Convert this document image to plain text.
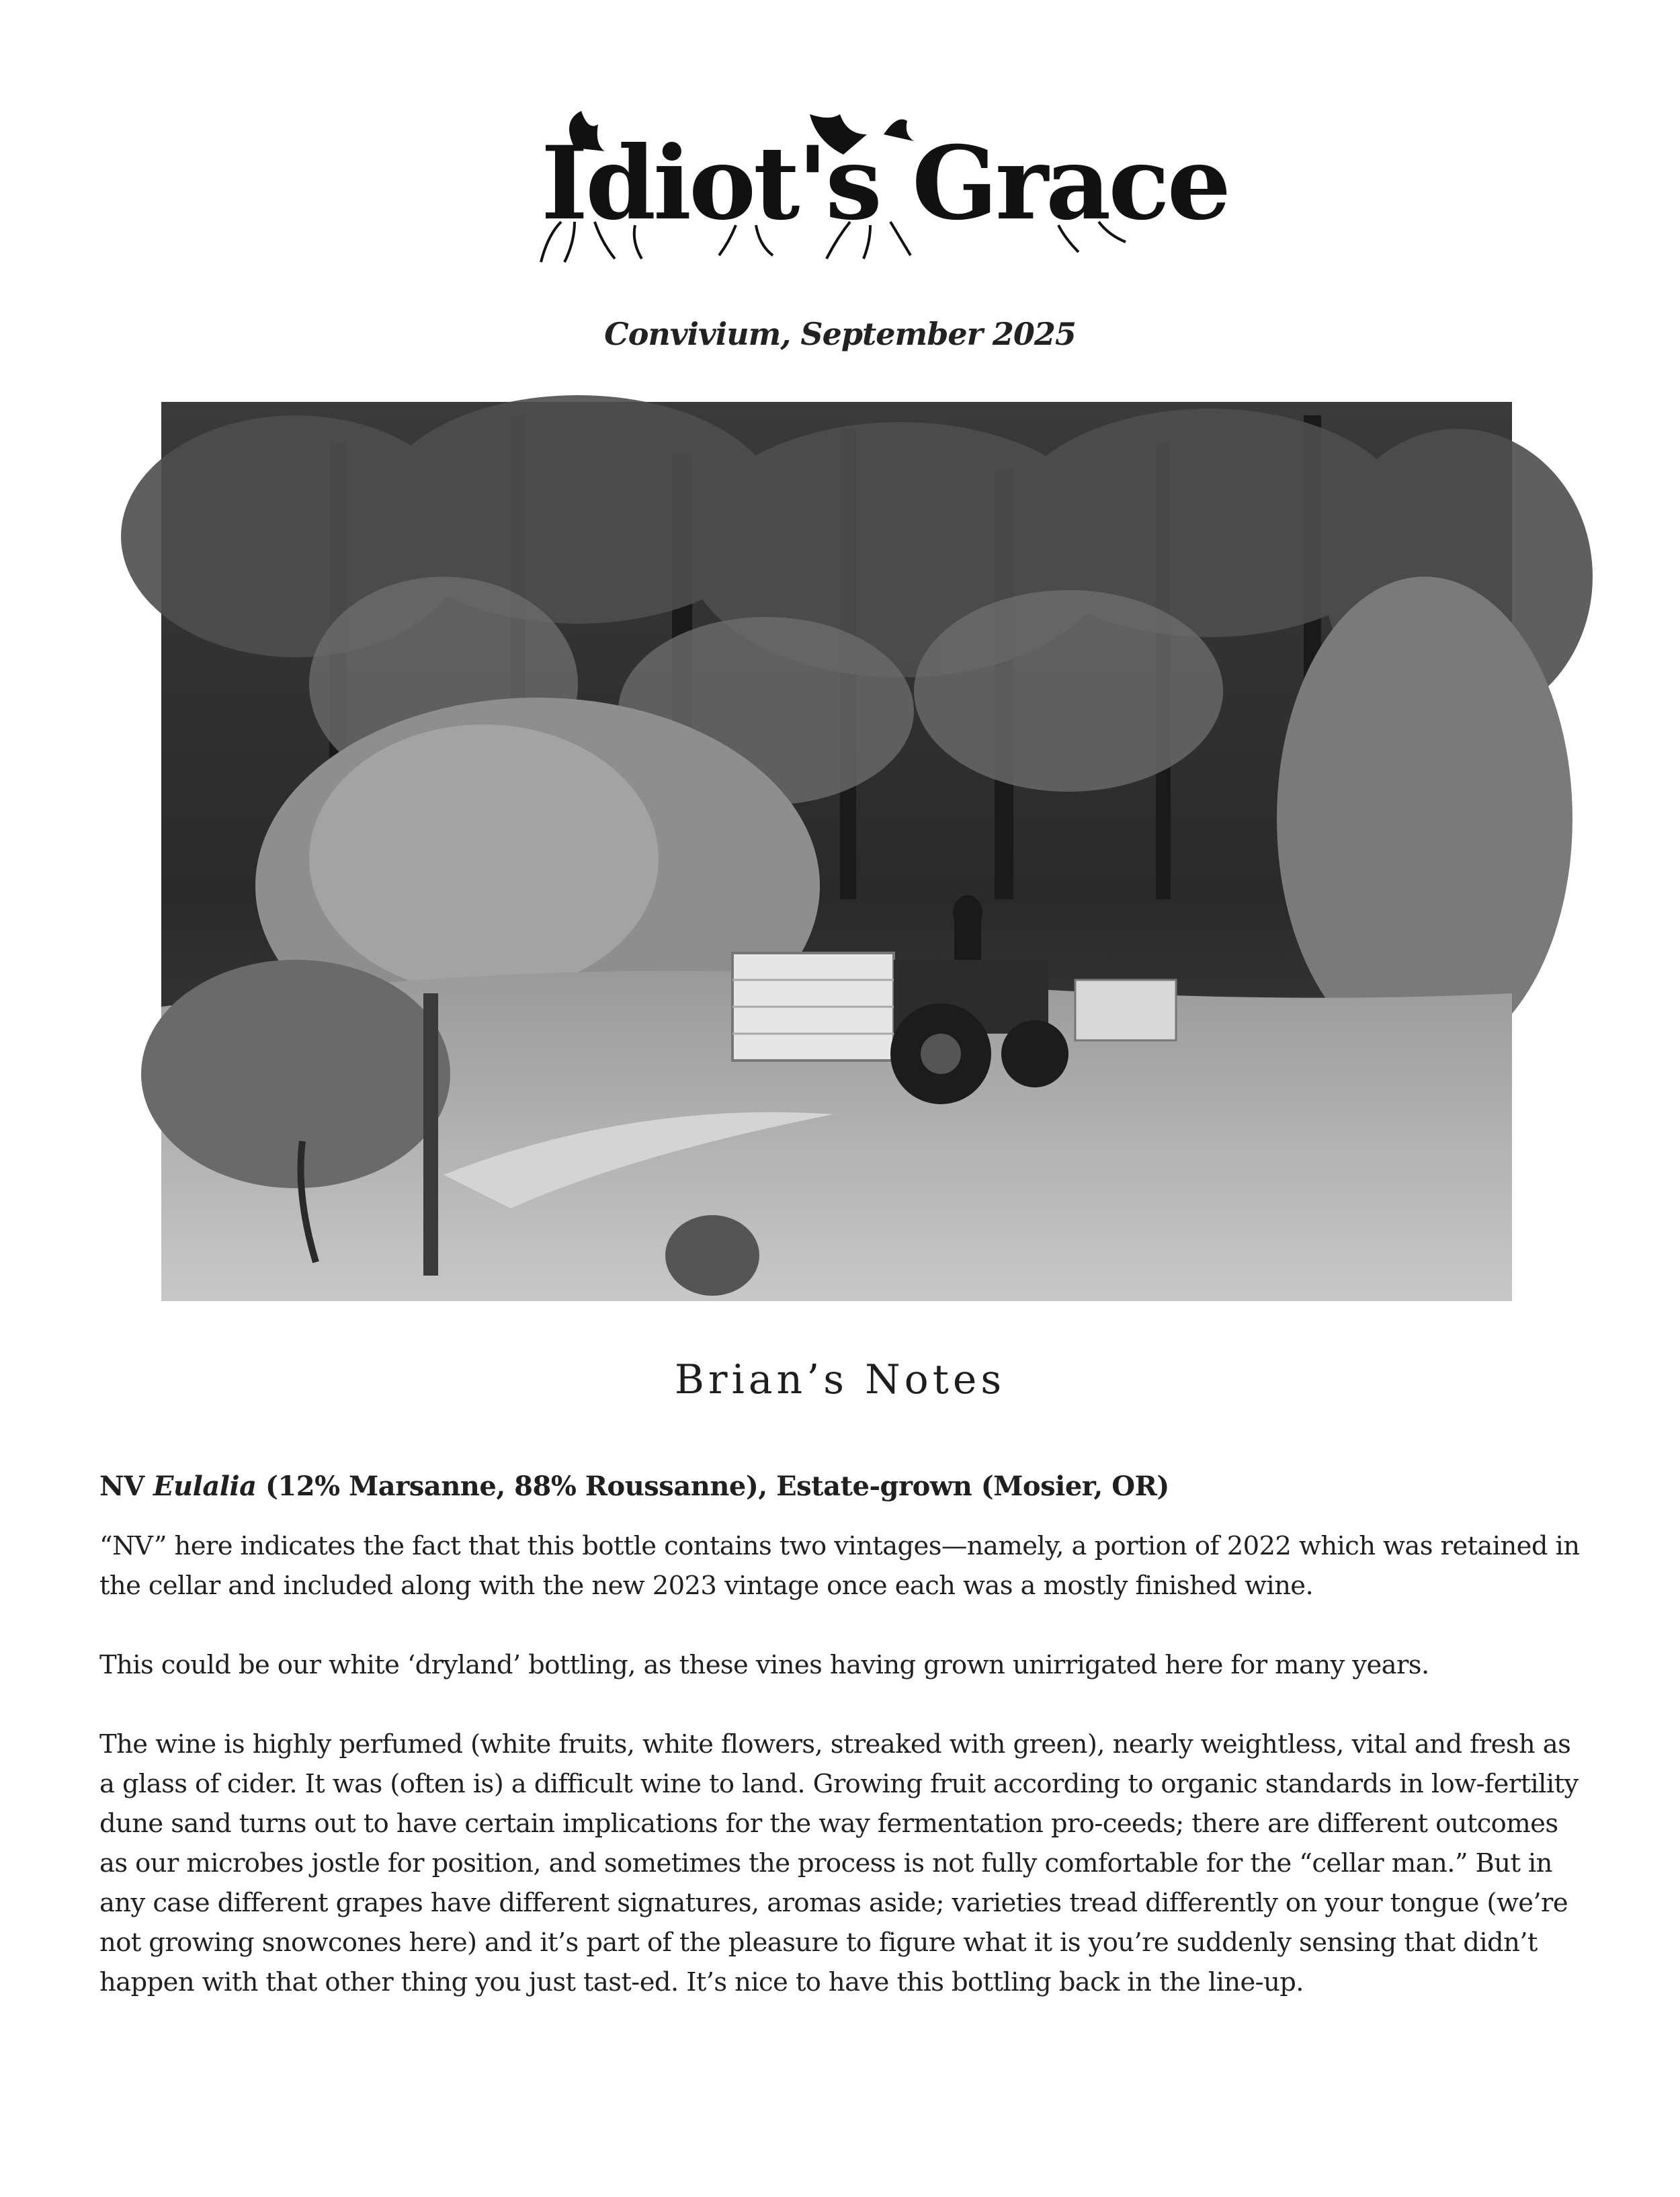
Idiot's Grace
Convivium, September 2025
Brian’s Notes
NV Eulalia (12% Marsanne, 88% Roussanne), Estate-grown (Mosier, OR)

“NV” here indicates the fact that this bottle contains two vintages—namely, a portion of 2022 which was retained in the cellar and included along with the new 2023 vintage once each was a mostly finished wine.

This could be our white ‘dryland’ bottling, as these vines having grown unirrigated here for many years.

The wine is highly perfumed (white fruits, white flowers, streaked with green), nearly weightless, vital and fresh as a glass of cider. It was (often is) a difficult wine to land. Growing fruit according to organic standards in low-fertility dune sand turns out to have certain implications for the way fermentation pro-ceeds; there are different outcomes as our microbes jostle for position, and sometimes the process is not fully comfortable for the “cellar man.” But in any case different grapes have different signatures, aromas aside; varieties tread differently on your tongue (we’re not growing snowcones here) and it’s part of the pleasure to figure what it is you’re suddenly sensing that didn’t happen with that other thing you just tast-ed. It’s nice to have this bottling back in the line-up.
